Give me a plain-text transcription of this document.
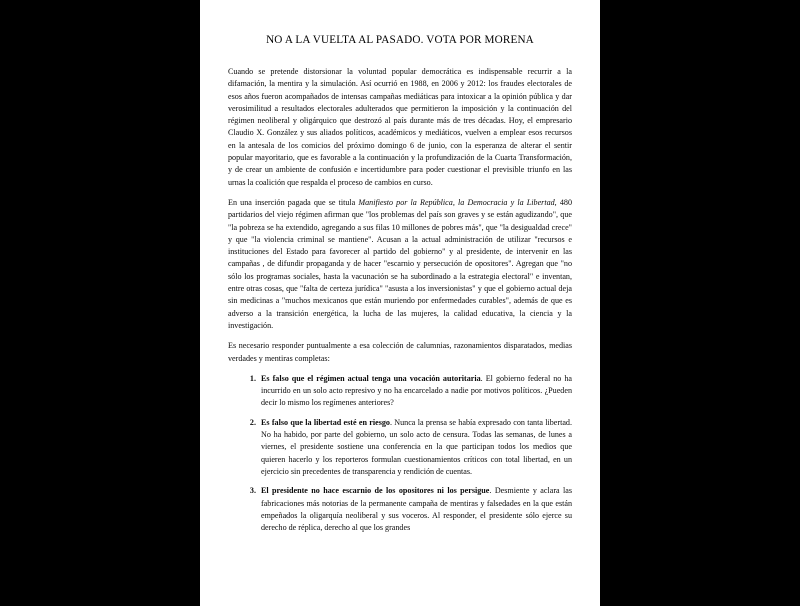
NO A LA VUELTA AL PASADO. VOTA POR MORENA

Cuando se pretende distorsionar la voluntad popular democrática es indispensable recurrir a la difamación, la mentira y la simulación. Así ocurrió en 1988, en 2006 y 2012: los fraudes electorales de esos años fueron acompañados de intensas campañas mediáticas para intoxicar a la opinión pública y dar verosimilitud a resultados electorales adulterados que permitieron la imposición y la continuación del régimen neoliberal y oligárquico que destrozó al país durante más de tres décadas. Hoy, el empresario Claudio X. González y sus aliados políticos, académicos y mediáticos, vuelven a emplear esos recursos en la antesala de los comicios del próximo domingo 6 de junio, con la esperanza de alterar el sentir popular mayoritario, que es favorable a la continuación y la profundización de la Cuarta Transformación, y de crear un ambiente de confusión e incertidumbre para poder cuestionar el previsible triunfo en las urnas la coalición que respalda el proceso de cambios en curso.

En una inserción pagada que se titula Manifiesto por la República, la Democracia y la Libertad, 480 partidarios del viejo régimen afirman que "los problemas del país son graves y se están agudizando", que "la pobreza se ha extendido, agregando a sus filas 10 millones de pobres más", que "la desigualdad crece" y que "la violencia criminal se mantiene". Acusan a la actual administración de utilizar "recursos e instituciones del Estado para favorecer al partido del gobierno" y al presidente, de intervenir en las campañas , de difundir propaganda y de hacer "escarnio y persecución de opositores". Agregan que "no sólo los programas sociales, hasta la vacunación se ha subordinado a la estrategia electoral" e inventan, entre otras cosas, que "falta de certeza jurídica" "asusta a los inversionistas" y que el gobierno actual deja sin medicinas a "muchos mexicanos que están muriendo por enfermedades curables", además de que es adverso a la transición energética, la lucha de las mujeres, la calidad educativa, la ciencia y la investigación.

Es necesario responder puntualmente a esa colección de calumnias, razonamientos disparatados, medias verdades y mentiras completas:

1. Es falso que el régimen actual tenga una vocación autoritaria. El gobierno federal no ha incurrido en un solo acto represivo y no ha encarcelado a nadie por motivos políticos. ¿Pueden decir lo mismo los regímenes anteriores?
2. Es falso que la libertad esté en riesgo. Nunca la prensa se había expresado con tanta libertad. No ha habido, por parte del gobierno, un solo acto de censura. Todas las semanas, de lunes a viernes, el presidente sostiene una conferencia en la que participan todos los medios que quieren hacerlo y los reporteros formulan cuestionamientos críticos con total libertad, en un ejercicio sin precedentes de transparencia y rendición de cuentas.
3. El presidente no hace escarnio de los opositores ni los persigue. Desmiente y aclara las fabricaciones más notorias de la permanente campaña de mentiras y falsedades en la que están empeñados la oligarquía neoliberal y sus voceros. Al responder, el presidente sólo ejerce su derecho de réplica, derecho al que los grandes
